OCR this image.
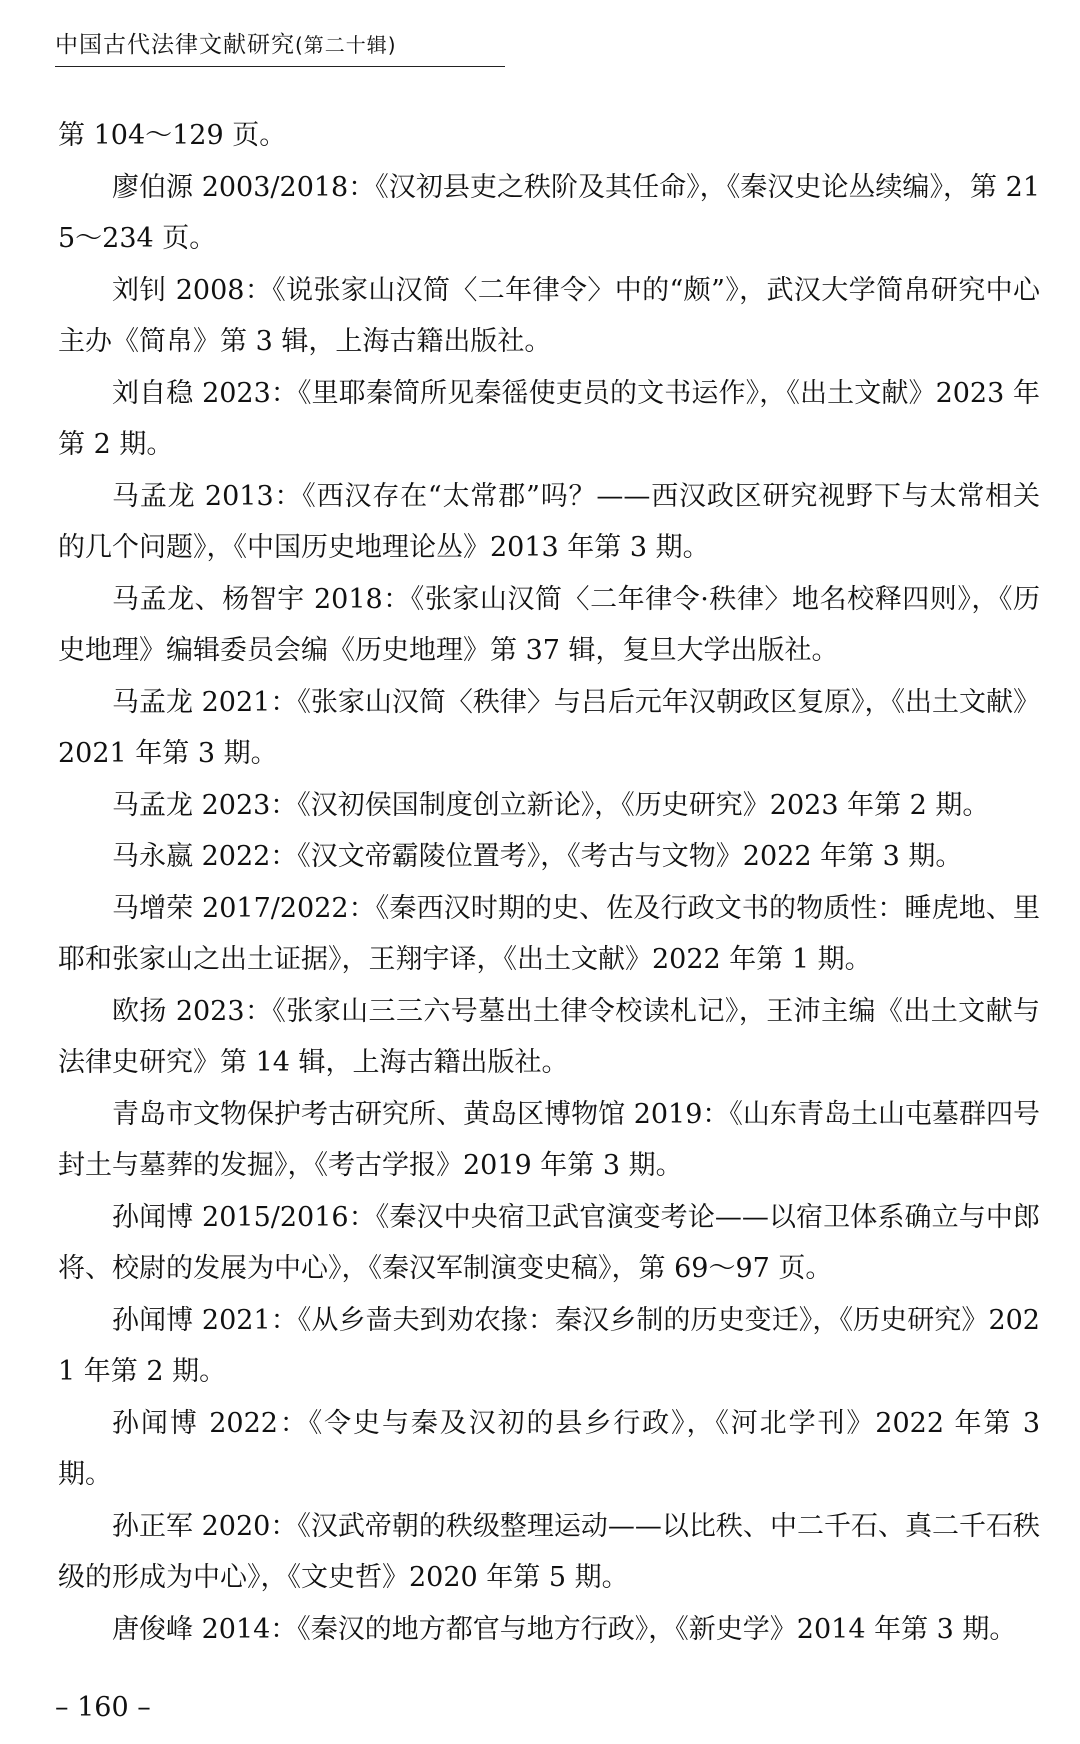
中国古代法律文献研究(第二十辑)

第 104～129 页。

廖伯源 2003/2018：《汉初县吏之秩阶及其任命》，《秦汉史论丛续编》，第 215～234 页。

刘钊 2008：《说张家山汉简〈二年律令〉中的“颇”》，武汉大学简帛研究中心主办《简帛》第 3 辑，上海古籍出版社。

刘自稳 2023：《里耶秦简所见秦徭使吏员的文书运作》，《出土文献》2023 年第 2 期。

马孟龙 2013：《西汉存在“太常郡”吗？——西汉政区研究视野下与太常相关的几个问题》，《中国历史地理论丛》2013 年第 3 期。

马孟龙、杨智宇 2018：《张家山汉简〈二年律令·秩律〉地名校释四则》，《历史地理》编辑委员会编《历史地理》第 37 辑，复旦大学出版社。

马孟龙 2021：《张家山汉简〈秩律〉与吕后元年汉朝政区复原》，《出土文献》2021 年第 3 期。

马孟龙 2023：《汉初侯国制度创立新论》，《历史研究》2023 年第 2 期。

马永嬴 2022：《汉文帝霸陵位置考》，《考古与文物》2022 年第 3 期。

马增荣 2017/2022：《秦西汉时期的史、佐及行政文书的物质性：睡虎地、里耶和张家山之出土证据》，王翔宇译，《出土文献》2022 年第 1 期。

欧扬 2023：《张家山三三六号墓出土律令校读札记》，王沛主编《出土文献与法律史研究》第 14 辑，上海古籍出版社。

青岛市文物保护考古研究所、黄岛区博物馆 2019：《山东青岛土山屯墓群四号封土与墓葬的发掘》，《考古学报》2019 年第 3 期。

孙闻博 2015/2016：《秦汉中央宿卫武官演变考论——以宿卫体系确立与中郎将、校尉的发展为中心》，《秦汉军制演变史稿》，第 69～97 页。

孙闻博 2021：《从乡啬夫到劝农掾：秦汉乡制的历史变迁》，《历史研究》2021 年第 2 期。

孙闻博 2022：《令史与秦及汉初的县乡行政》，《河北学刊》2022 年第 3 期。

孙正军 2020：《汉武帝朝的秩级整理运动——以比秩、中二千石、真二千石秩级的形成为中心》，《文史哲》2020 年第 5 期。

唐俊峰 2014：《秦汉的地方都官与地方行政》，《新史学》2014 年第 3 期。

– 160 –
